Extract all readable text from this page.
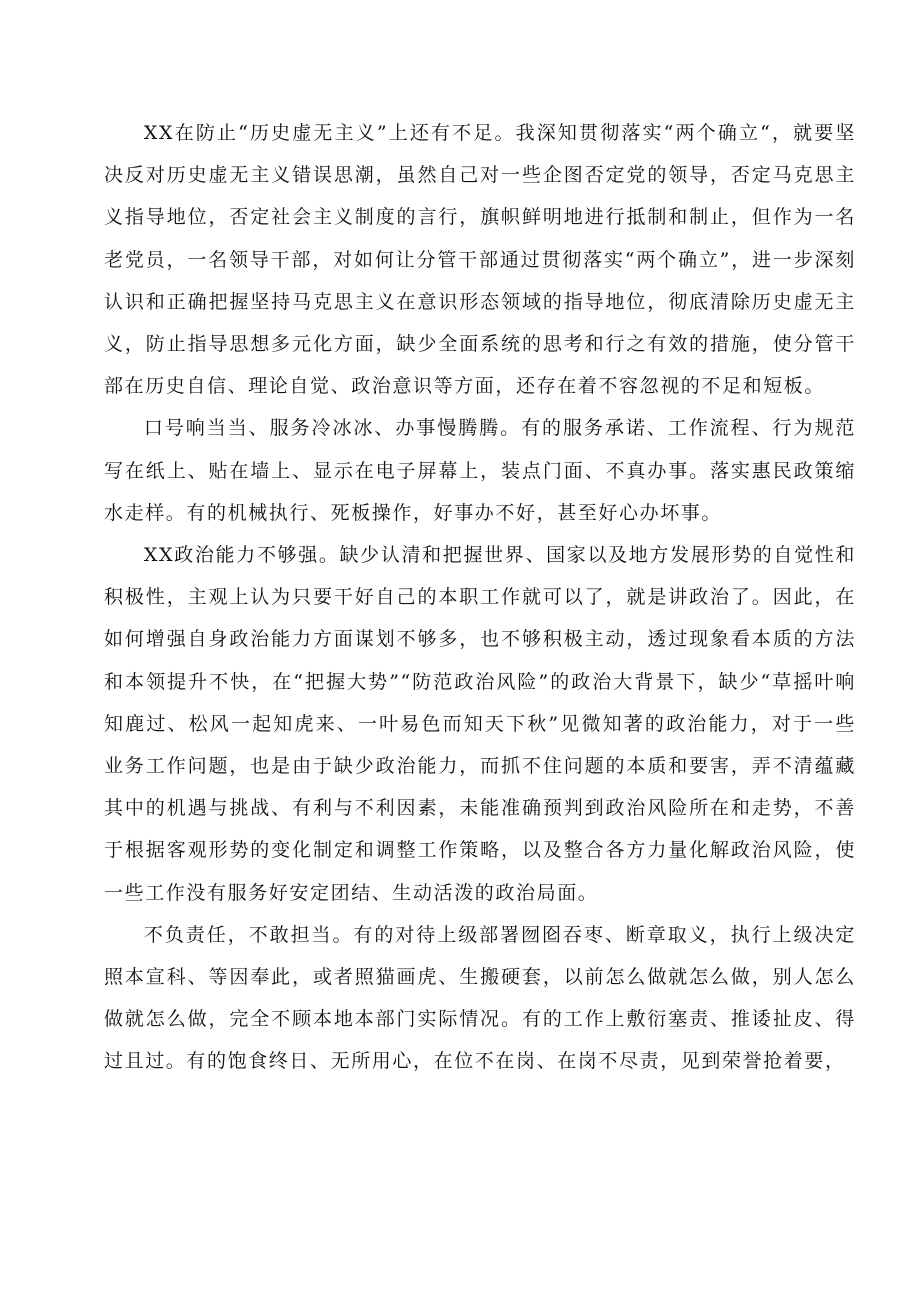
XX在防止“历史虚无主义”上还有不足。我深知贯彻落实“两个确立“，就要坚决反对历史虚无主义错误思潮，虽然自己对一些企图否定党的领导，否定马克思主义指导地位，否定社会主义制度的言行，旗帜鲜明地进行抵制和制止，但作为一名老党员，一名领导干部，对如何让分管干部通过贯彻落实“两个确立”，进一步深刻认识和正确把握坚持马克思主义在意识形态领域的指导地位，彻底清除历史虚无主义，防止指导思想多元化方面，缺少全面系统的思考和行之有效的措施，使分管干部在历史自信、理论自觉、政治意识等方面，还存在着不容忽视的不足和短板。

口号响当当、服务冷冰冰、办事慢腾腾。有的服务承诺、工作流程、行为规范写在纸上、贴在墙上、显示在电子屏幕上，装点门面、不真办事。落实惠民政策缩水走样。有的机械执行、死板操作，好事办不好，甚至好心办坏事。

XX政治能力不够强。缺少认清和把握世界、国家以及地方发展形势的自觉性和积极性，主观上认为只要干好自己的本职工作就可以了，就是讲政治了。因此，在如何增强自身政治能力方面谋划不够多，也不够积极主动，透过现象看本质的方法和本领提升不快，在“把握大势”“防范政治风险”的政治大背景下，缺少“草摇叶响知鹿过、松风一起知虎来、一叶易色而知天下秋”见微知著的政治能力，对于一些业务工作问题，也是由于缺少政治能力，而抓不住问题的本质和要害，弄不清蕴藏其中的机遇与挑战、有利与不利因素，未能准确预判到政治风险所在和走势，不善于根据客观形势的变化制定和调整工作策略，以及整合各方力量化解政治风险，使一些工作没有服务好安定团结、生动活泼的政治局面。

不负责任，不敢担当。有的对待上级部署囫囵吞枣、断章取义，执行上级决定照本宣科、等因奉此，或者照猫画虎、生搬硬套，以前怎么做就怎么做，别人怎么做就怎么做，完全不顾本地本部门实际情况。有的工作上敷衍塞责、推诿扯皮、得过且过。有的饱食终日、无所用心，在位不在岗、在岗不尽责，见到荣誉抢着要，
